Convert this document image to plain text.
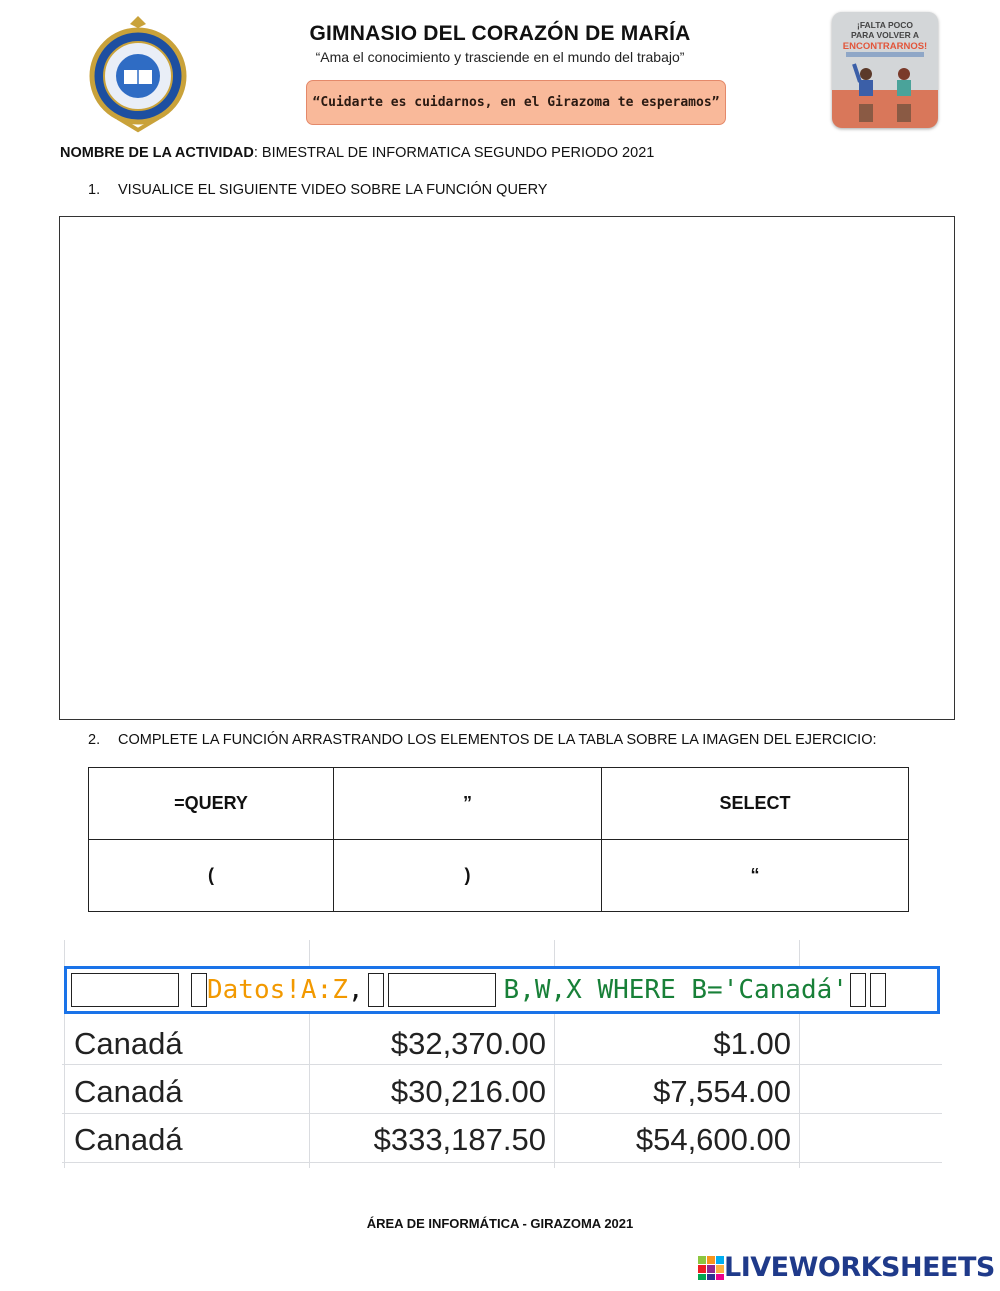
GIMNASIO DEL CORAZÓN DE MARÍA
“Ama el conocimiento y trasciende en el mundo del trabajo”
“Cuidarte es cuidarnos, en el Girazoma te esperamos”
¡FALTA POCO
PARA VOLVER A
ENCONTRARNOS!
NOMBRE DE LA ACTIVIDAD: BIMESTRAL DE INFORMATICA SEGUNDO PERIODO 2021
1. VISUALICE EL SIGUIENTE VIDEO SOBRE LA FUNCIÓN QUERY
2. COMPLETE LA FUNCIÓN ARRASTRANDO LOS ELEMENTOS DE LA TABLA SOBRE LA IMAGEN DEL EJERCICIO:
=QUERY	”	SELECT
(	)	“
Datos!A:Z ,	B,W,X WHERE B='Canadá'
Canadá	$32,370.00	$1.00
Canadá	$30,216.00	$7,554.00
Canadá	$333,187.50	$54,600.00
ÁREA DE INFORMÁTICA - GIRAZOMA 2021
LIVEWORKSHEETS
